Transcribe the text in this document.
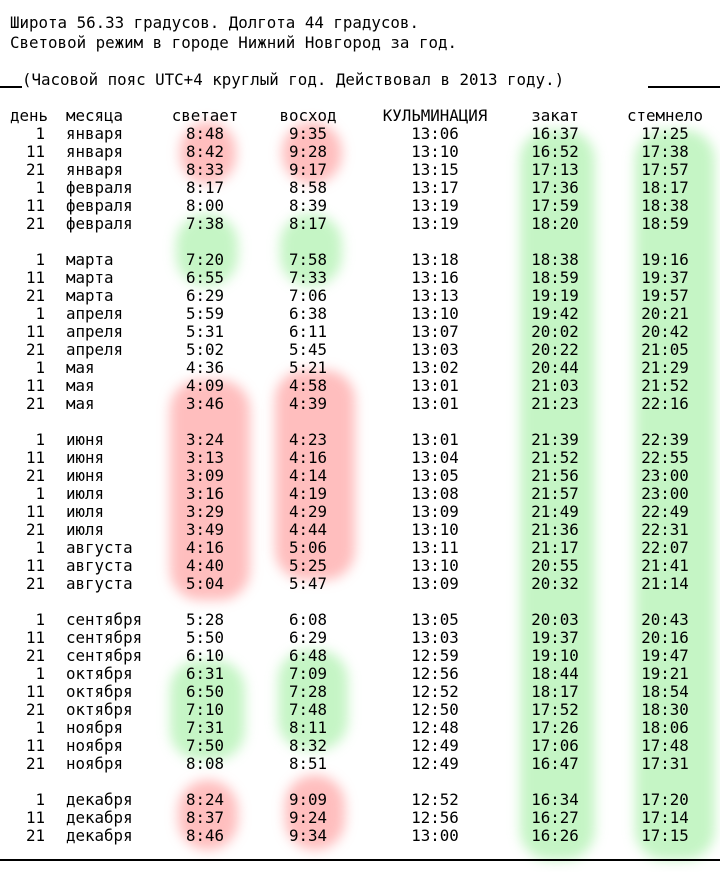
Широта 56.33 градусов. Долгота 44 градусов.
Световой режим в городе Нижний Новгород за год.

(Часовой пояс UTC+4 круглый год. Действовал в 2013 году.)

день	месяца	светает	восход	КУЛЬМИНАЦИЯ	закат	стемнело
1 января	8:48	9:35	13:06	16:37	17:25
11 января	8:42	9:28	13:10	16:52	17:38
21 января	8:33	9:17	13:15	17:13	17:57
1 февраля	8:17	8:58	13:17	17:36	18:17
11 февраля	8:00	8:39	13:19	17:59	18:38
21 февраля	7:38	8:17	13:19	18:20	18:59
1 марта	7:20	7:58	13:18	18:38	19:16
11 марта	6:55	7:33	13:16	18:59	19:37
21 марта	6:29	7:06	13:13	19:19	19:57
1 апреля	5:59	6:38	13:10	19:42	20:21
11 апреля	5:31	6:11	13:07	20:02	20:42
21 апреля	5:02	5:45	13:03	20:22	21:05
1 мая	4:36	5:21	13:02	20:44	21:29
11 мая	4:09	4:58	13:01	21:03	21:52
21 мая	3:46	4:39	13:01	21:23	22:16
1 июня	3:24	4:23	13:01	21:39	22:39
11 июня	3:13	4:16	13:04	21:52	22:55
21 июня	3:09	4:14	13:05	21:56	23:00
1 июля	3:16	4:19	13:08	21:57	23:00
11 июля	3:29	4:29	13:09	21:49	22:49
21 июля	3:49	4:44	13:10	21:36	22:31
1 августа	4:16	5:06	13:11	21:17	22:07
11 августа	4:40	5:25	13:10	20:55	21:41
21 августа	5:04	5:47	13:09	20:32	21:14
1 сентября	5:28	6:08	13:05	20:03	20:43
11 сентября	5:50	6:29	13:03	19:37	20:16
21 сентября	6:10	6:48	12:59	19:10	19:47
1 октября	6:31	7:09	12:56	18:44	19:21
11 октября	6:50	7:28	12:52	18:17	18:54
21 октября	7:10	7:48	12:50	17:52	18:30
1 ноября	7:31	8:11	12:48	17:26	18:06
11 ноября	7:50	8:32	12:49	17:06	17:48
21 ноября	8:08	8:51	12:49	16:47	17:31
1 декабря	8:24	9:09	12:52	16:34	17:20
11 декабря	8:37	9:24	12:56	16:27	17:14
21 декабря	8:46	9:34	13:00	16:26	17:15
